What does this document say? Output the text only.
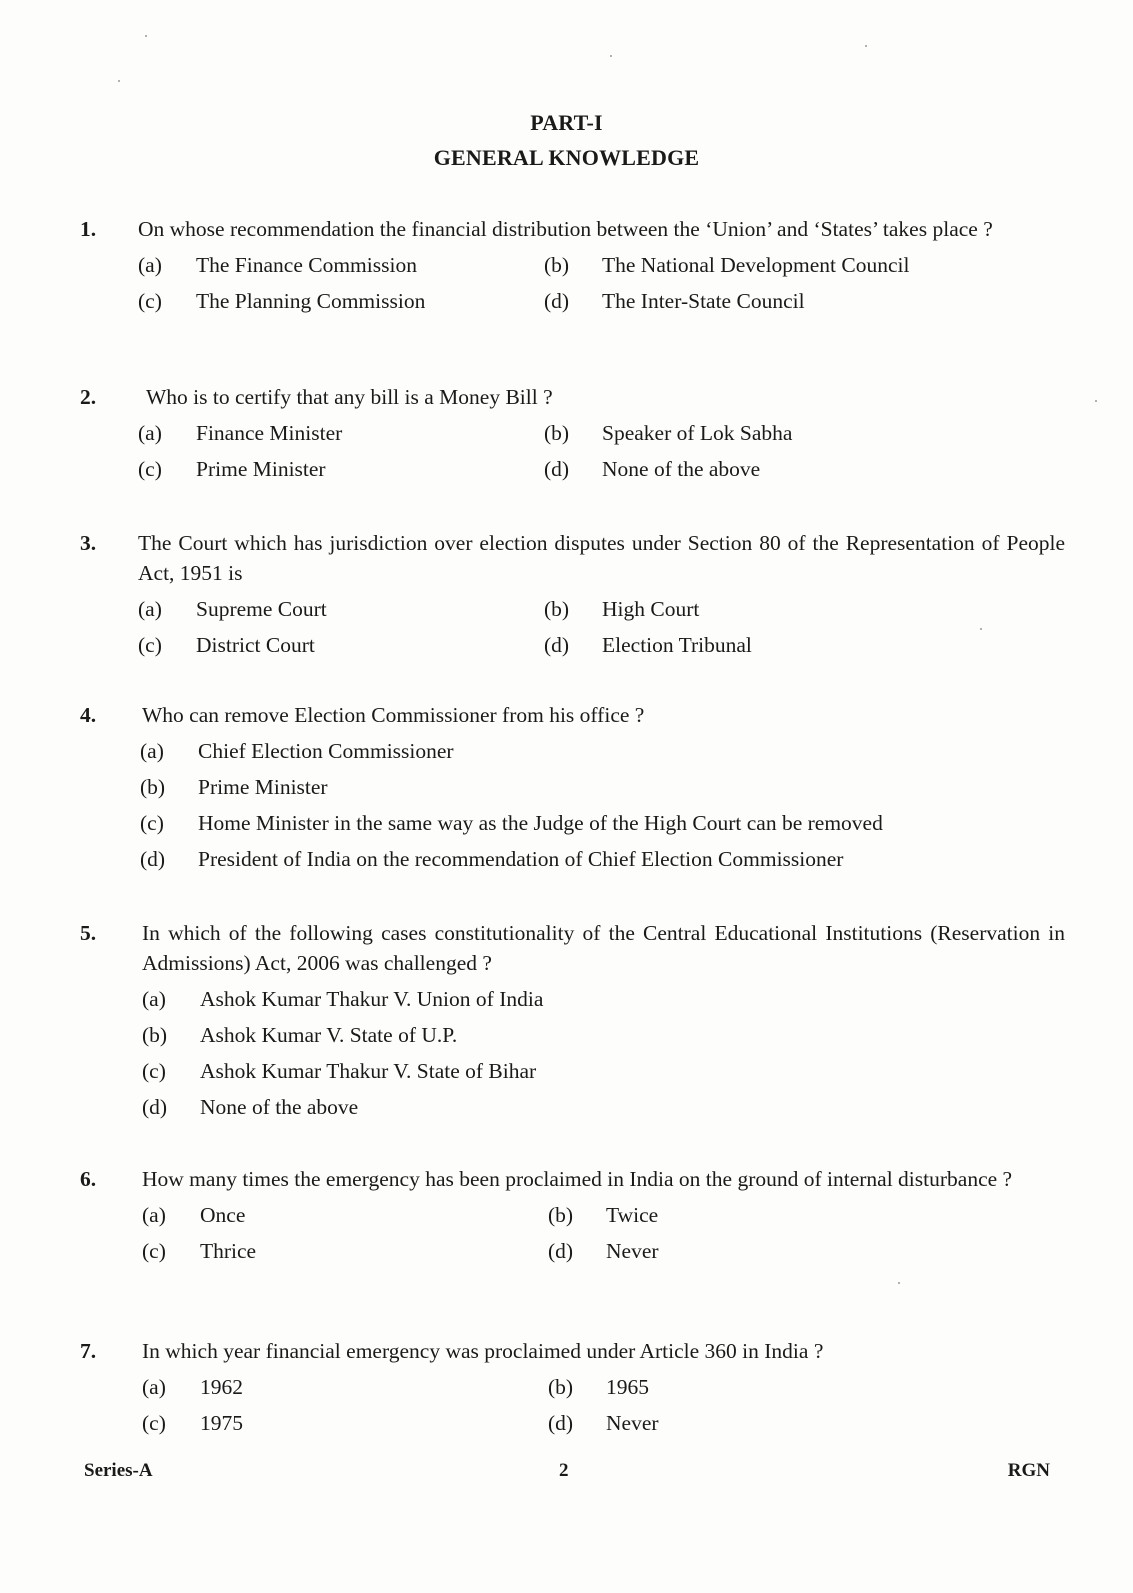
PART-I
GENERAL KNOWLEDGE
1.	On whose recommendation the financial distribution between the ‘Union’ and ‘States’ takes place ?
(a) The Finance Commission	(b) The National Development Council
(c) The Planning Commission	(d) The Inter-State Council
2.	Who is to certify that any bill is a Money Bill ?
(a) Finance Minister	(b) Speaker of Lok Sabha
(c) Prime Minister	(d) None of the above
3.	The Court which has jurisdiction over election disputes under Section 80 of the Representation of People Act, 1951 is
(a) Supreme Court	(b) High Court
(c) District Court	(d) Election Tribunal
4.	Who can remove Election Commissioner from his office ?
(a) Chief Election Commissioner
(b) Prime Minister
(c) Home Minister in the same way as the Judge of the High Court can be removed
(d) President of India on the recommendation of Chief Election Commissioner
5.	In which of the following cases constitutionality of the Central Educational Institutions (Reservation in Admissions) Act, 2006 was challenged ?
(a) Ashok Kumar Thakur V. Union of India
(b) Ashok Kumar V. State of U.P.
(c) Ashok Kumar Thakur V. State of Bihar
(d) None of the above
6.	How many times the emergency has been proclaimed in India on the ground of internal disturbance ?
(a) Once	(b) Twice
(c) Thrice	(d) Never
7.	In which year financial emergency was proclaimed under Article 360 in India ?
(a) 1962	(b) 1965
(c) 1975	(d) Never
Series-A	2	RGN
